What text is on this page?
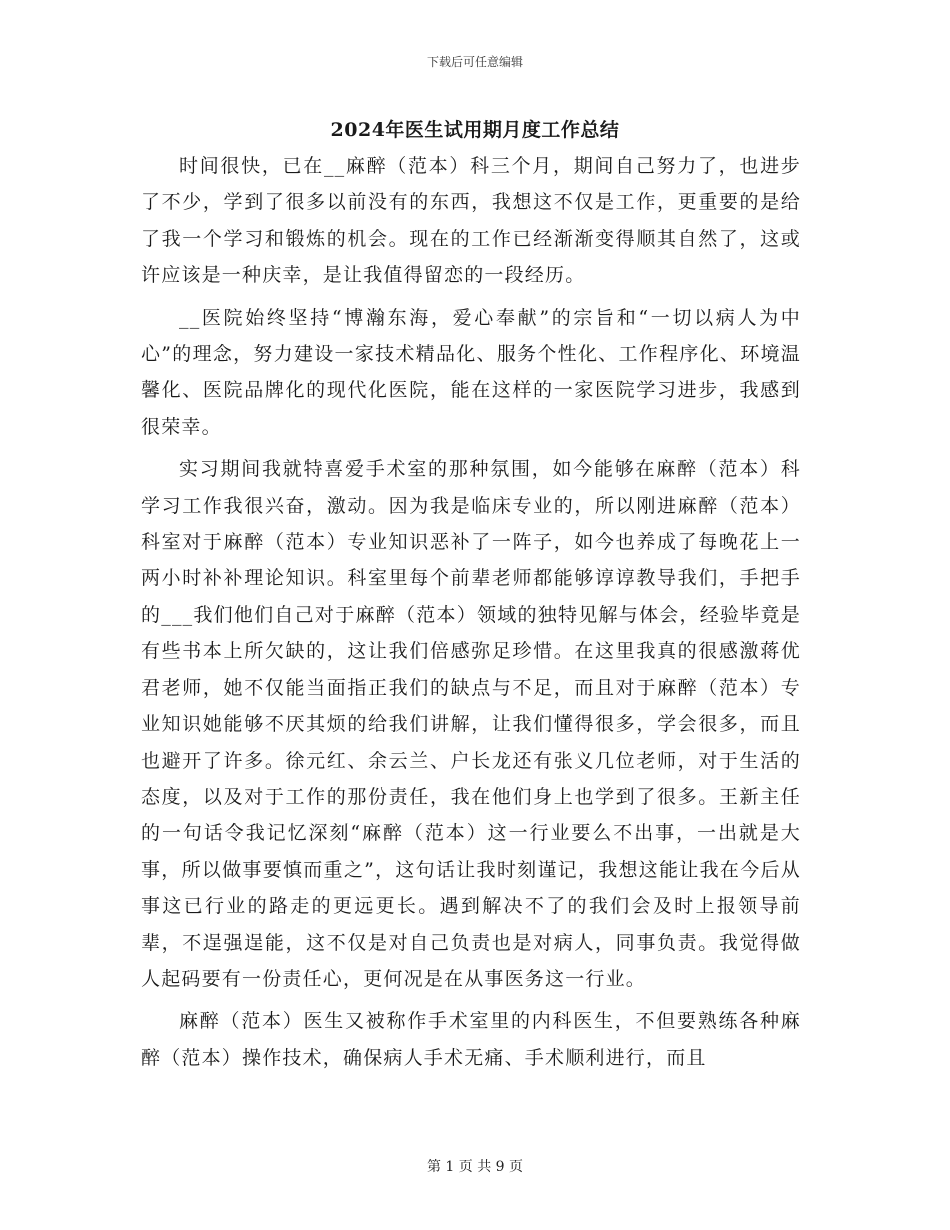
下载后可任意编辑
2024年医生试用期月度工作总结

时间很快，已在__麻醉（范本）科三个月，期间自己努力了，也进步了不少，学到了很多以前没有的东西，我想这不仅是工作，更重要的是给了我一个学习和锻炼的机会。现在的工作已经渐渐变得顺其自然了，这或许应该是一种庆幸，是让我值得留恋的一段经历。

__医院始终坚持“博瀚东海，爱心奉献”的宗旨和“一切以病人为中心”的理念，努力建设一家技术精品化、服务个性化、工作程序化、环境温馨化、医院品牌化的现代化医院，能在这样的一家医院学习进步，我感到很荣幸。

实习期间我就特喜爱手术室的那种氛围，如今能够在麻醉（范本）科学习工作我很兴奋，激动。因为我是临床专业的，所以刚进麻醉（范本）科室对于麻醉（范本）专业知识恶补了一阵子，如今也养成了每晚花上一两小时补补理论知识。科室里每个前辈老师都能够谆谆教导我们，手把手的___我们他们自己对于麻醉（范本）领域的独特见解与体会，经验毕竟是有些书本上所欠缺的，这让我们倍感弥足珍惜。在这里我真的很感激蒋优君老师，她不仅能当面指正我们的缺点与不足，而且对于麻醉（范本）专业知识她能够不厌其烦的给我们讲解，让我们懂得很多，学会很多，而且也避开了许多。徐元红、余云兰、户长龙还有张义几位老师，对于生活的态度，以及对于工作的那份责任，我在他们身上也学到了很多。王新主任的一句话令我记忆深刻“麻醉（范本）这一行业要么不出事，一出就是大事，所以做事要慎而重之”，这句话让我时刻谨记，我想这能让我在今后从事这已行业的路走的更远更长。遇到解决不了的我们会及时上报领导前辈，不逞强逞能，这不仅是对自己负责也是对病人，同事负责。我觉得做人起码要有一份责任心，更何况是在从事医务这一行业。

麻醉（范本）医生又被称作手术室里的内科医生，不但要熟练各种麻醉（范本）操作技术，确保病人手术无痛、手术顺利进行，而且

第 1 页 共 9 页
